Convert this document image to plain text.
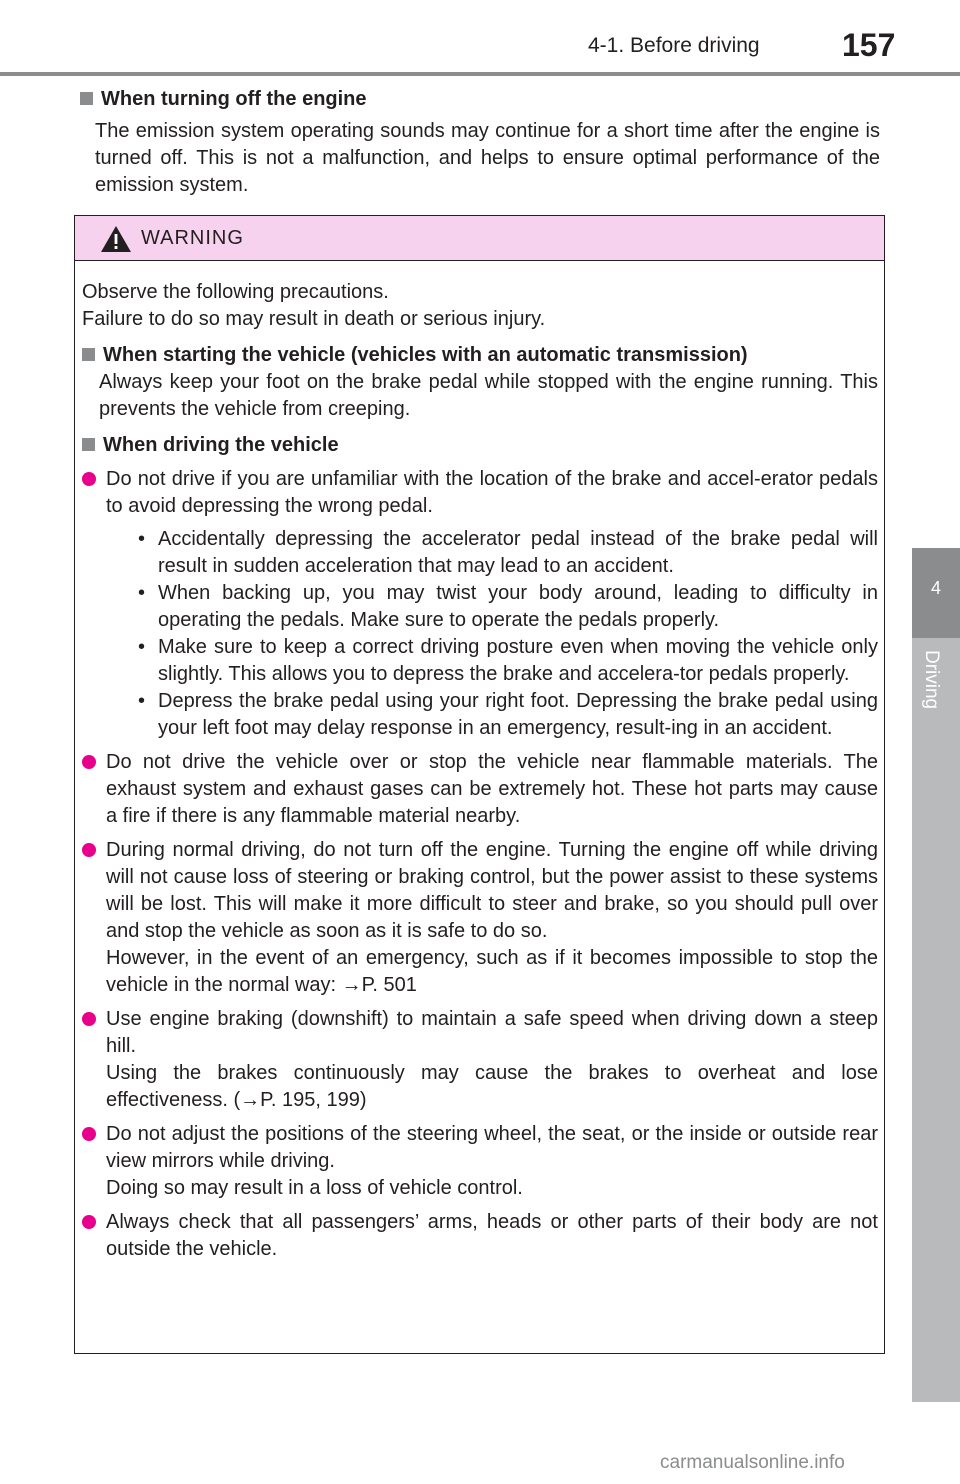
4-1. Before driving	157
4
Driving
When turning off the engine
The emission system operating sounds may continue for a short time after the engine is turned off. This is not a malfunction, and helps to ensure optimal performance of the emission system.
WARNING

Observe the following precautions.

Failure to do so may result in death or serious injury.

When starting the vehicle (vehicles with an automatic transmission)

Always keep your foot on the brake pedal while stopped with the engine running. This prevents the vehicle from creeping.

When driving the vehicle

Do not drive if you are unfamiliar with the location of the brake and accel-erator pedals to avoid depressing the wrong pedal.
• Accidentally depressing the accelerator pedal instead of the brake pedal will result in sudden acceleration that may lead to an accident.
• When backing up, you may twist your body around, leading to difficulty in operating the pedals. Make sure to operate the pedals properly.
• Make sure to keep a correct driving posture even when moving the vehicle only slightly. This allows you to depress the brake and accelera-tor pedals properly.
• Depress the brake pedal using your right foot. Depressing the brake pedal using your left foot may delay response in an emergency, result-ing in an accident.
Do not drive the vehicle over or stop the vehicle near flammable materials. The exhaust system and exhaust gases can be extremely hot. These hot parts may cause a fire if there is any flammable material nearby.
During normal driving, do not turn off the engine. Turning the engine off while driving will not cause loss of steering or braking control, but the power assist to these systems will be lost. This will make it more difficult to steer and brake, so you should pull over and stop the vehicle as soon as it is safe to do so.
However, in the event of an emergency, such as if it becomes impossible to stop the vehicle in the normal way: →P. 501
Use engine braking (downshift) to maintain a safe speed when driving down a steep hill.
Using the brakes continuously may cause the brakes to overheat and lose effectiveness. (→P. 195, 199)
Do not adjust the positions of the steering wheel, the seat, or the inside or outside rear view mirrors while driving.
Doing so may result in a loss of vehicle control.
Always check that all passengers’ arms, heads or other parts of their body are not outside the vehicle.
carmanualsonline.info
